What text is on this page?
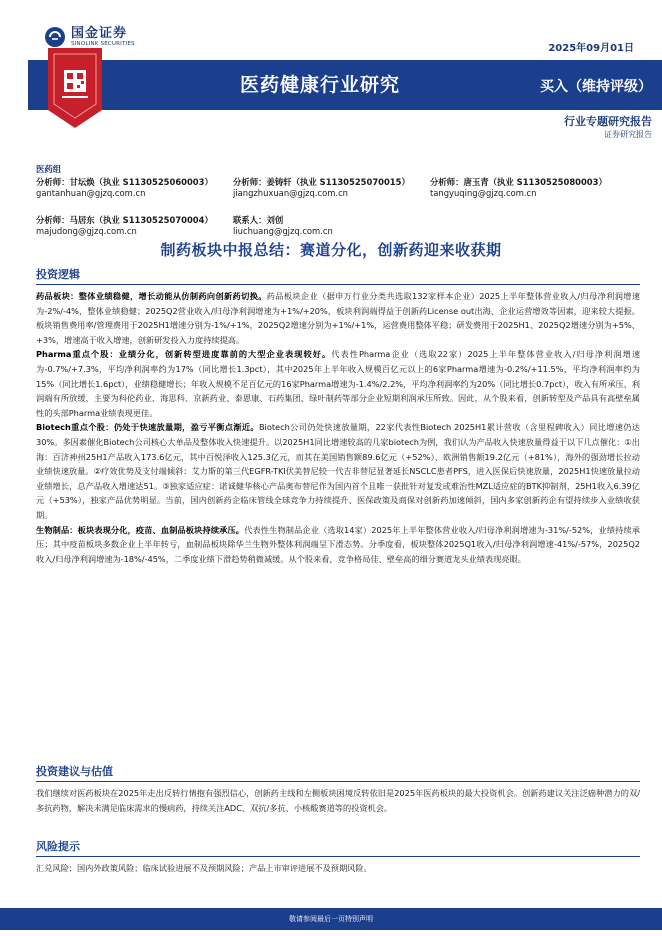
国金证券
SINOLINK SECURITIES	2025年09月01日
医药健康行业研究	买入（维持评级）
行业专题研究报告
证券研究报告
医药组
分析师：甘坛焕（执业 S1130525060003）
gantanhuan@gjzq.com.cn
分析师：姜铸轩（执业 S1130525070015）
jiangzhuxuan@gjzq.com.cn
分析师：唐玉青（执业 S1130525080003）
tangyuqing@gjzq.com.cn
分析师：马居东（执业 S1130525070004）
majudong@gjzq.com.cn
联系人：刘创
liuchuang@gjzq.com.cn
制药板块中报总结：赛道分化，创新药迎来收获期
投资逻辑

药品板块：整体业绩稳健，增长动能从仿制药向创新药切换。药品板块企业（据申万行业分类共选取132家样本企业）2025上半年整体营业收入/归母净利润增速为-2%/-4%，整体业绩稳健；2025Q2营业收入/归母净利润增速为+1%/+20%，板块利润端得益于创新药License out出海、企业运营增效等因素，迎来较大提振。板块销售费用率/管理费用于2025H1增速分别为-1%/+1%，2025Q2增速分别为+1%/+1%，运营费用整体平稳；研发费用于2025H1、2025Q2增速分别为+5%、+3%，增速高于收入增速，创新研发投入力度持续提高。

Pharma重点个股：业绩分化，创新转型进度靠前的大型企业表现较好。代表性Pharma企业（选取22家）2025上半年整体营业收入/归母净利润增速为-0.7%/+7.3%，平均净利润率约为17%（同比增长1.3pct），其中2025年上半年收入规模百亿元以上的6家Pharma增速为-0.2%/+11.5%，平均净利润率约为15%（同比增长1.6pct），业绩稳健增长；年收入规模不足百亿元的16家Pharma增速为-1.4%/2.2%，平均净利润率约为20%（同比增长0.7pct），收入有所承压、利润端有所放缓，主要为科伦药业、海思科、京新药业、泰恩康、石药集团、绿叶制药等部分企业短期利润承压所致。因此，从个股来看，创新转型及产品具有高壁垒属性的头部Pharma业绩表现更佳。

Biotech重点个股：仍处于快速放量期，盈亏平衡点渐近。Biotech公司仍处快速放量期，22家代表性Biotech 2025H1累计营收（含里程碑收入）同比增速仍达30%。多因素催化Biotech公司核心大单品及整体收入快速提升。以2025H1同比增速较高的几家biotech为例，我们认为产品收入快速放量得益于以下几点催化：①出海：百济神州25H1产品收入173.6亿元，其中百悦泽收入125.3亿元，而其在美国销售额89.6亿元（+52%）、欧洲销售额19.2亿元（+81%），海外的强劲增长拉动业绩快速放量。②疗效优势及支付端倾斜：艾力斯的第三代EGFR-TKI伏美替尼较一代吉非替尼显著延长NSCLC患者PFS，进入医保后快速放量，2025H1快速放量拉动业绩增长，总产品收入增速达51。③独家适应症：诺诚健华核心产品奥布替尼作为国内首个且唯一获批针对复发或难治性MZL适应症的BTK抑制剂，25H1收入6.39亿元（+53%），独家产品优势明显。当前，国内创新药企临床管线全球竞争力持续提升、医保政策及商保对创新药加速倾斜，国内多家创新药企有望持续步入业绩收获期。

生物制品：板块表现分化，疫苗、血制品板块持续承压。代表性生物制品企业（选取14家）2025年上半年整体营业收入/归母净利润增速为-31%/-52%，业绩持续承压；其中疫苗板块多数企业上半年转亏，血制品板块除华兰生物外整体利润端呈下滑态势。分季度看，板块整体2025Q1收入/归母净利润增速-41%/-57%，2025Q2收入/归母净利润增速为-18%/-45%，二季度业绩下滑趋势稍微减缓。从个股来看，竞争格局佳、壁垒高的细分赛道龙头业绩表现亮眼。

投资建议与估值

我们继续对医药板块在2025年走出反转行情抱有强烈信心，创新药主线和左侧板块困境反转依旧是2025年医药板块的最大投资机会。创新药建议关注泛癌种潜力的双/多抗药物，解决未满足临床需求的慢病药，持续关注ADC、双抗/多抗、小核酸赛道等的投资机会。

风险提示

汇兑风险；国内外政策风险；临床试验进展不及预期风险；产品上市审评进展不及预期风险。

敬请参阅最后一页特别声明
